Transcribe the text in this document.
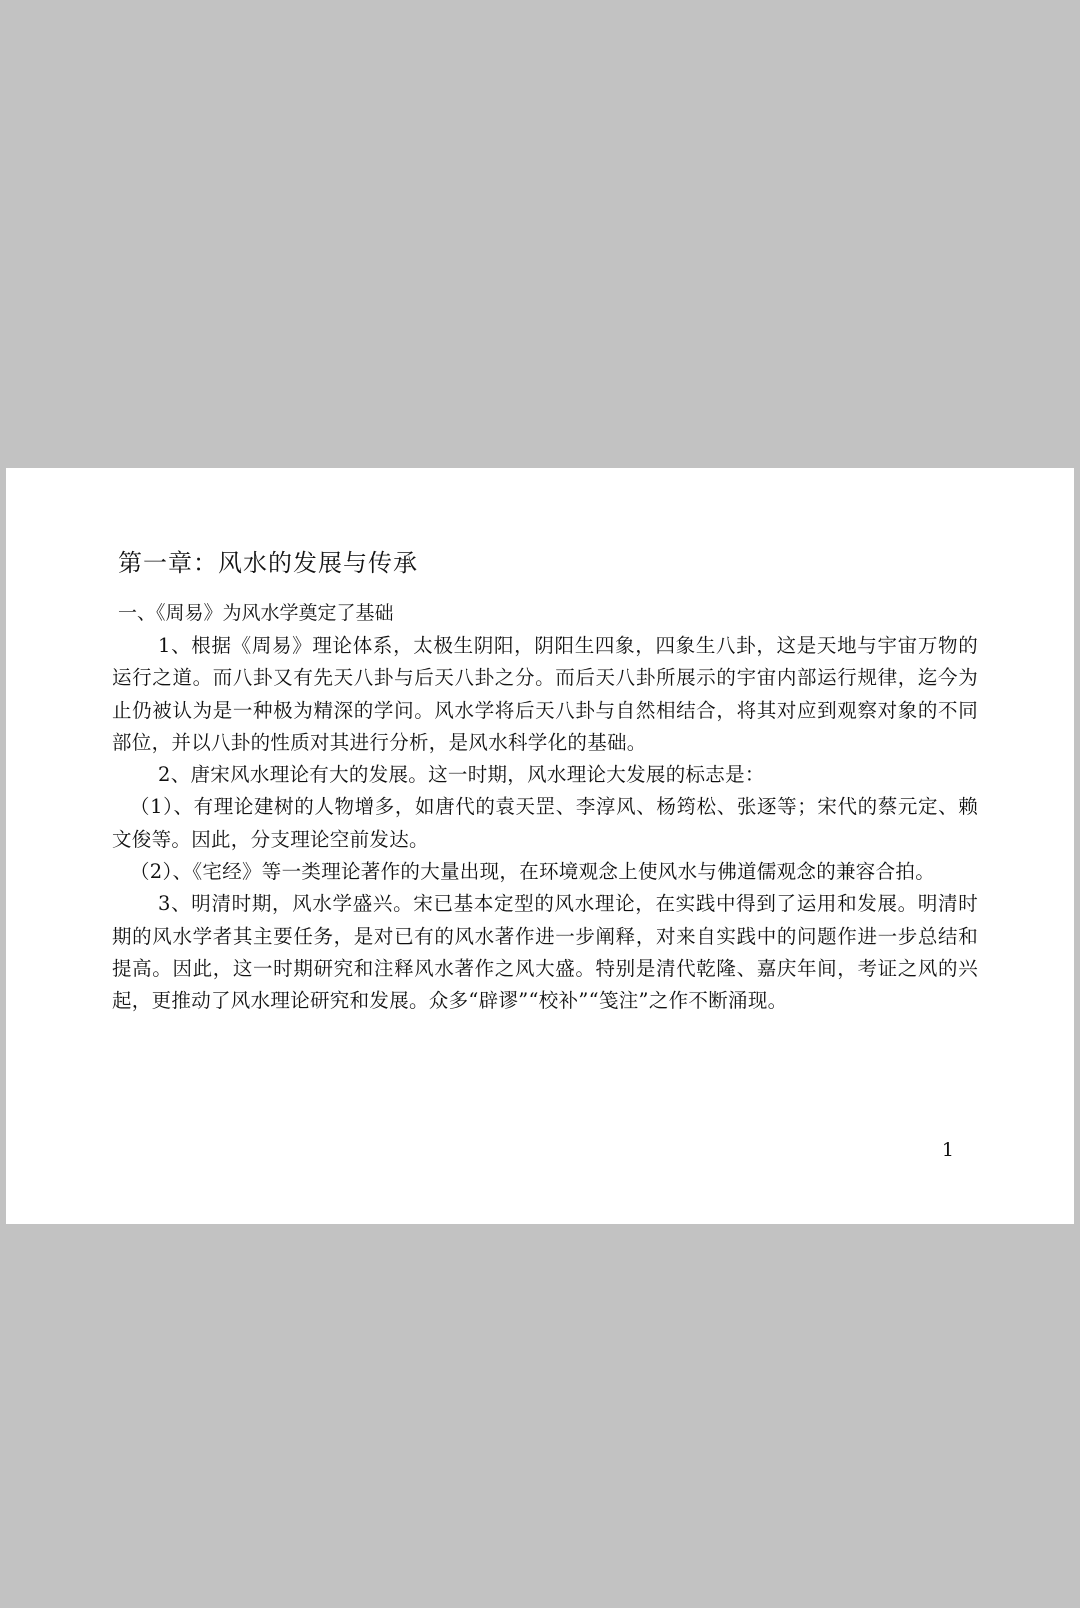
第一章：风水的发展与传承
一、《周易》为风水学奠定了基础

1、根据《周易》理论体系，太极生阴阳，阴阳生四象，四象生八卦，这是天地与宇宙万物的运行之道。而八卦又有先天八卦与后天八卦之分。而后天八卦所展示的宇宙内部运行规律，迄今为止仍被认为是一种极为精深的学问。风水学将后天八卦与自然相结合，将其对应到观察对象的不同部位，并以八卦的性质对其进行分析，是风水科学化的基础。

2、唐宋风水理论有大的发展。这一时期，风水理论大发展的标志是：

（1）、有理论建树的人物增多，如唐代的袁天罡、李淳风、杨筠松、张逐等；宋代的蔡元定、赖文俊等。因此，分支理论空前发达。

（2）、《宅经》等一类理论著作的大量出现，在环境观念上使风水与佛道儒观念的兼容合拍。

3、明清时期，风水学盛兴。宋已基本定型的风水理论，在实践中得到了运用和发展。明清时期的风水学者其主要任务，是对已有的风水著作进一步阐释，对来自实践中的问题作进一步总结和提高。因此，这一时期研究和注释风水著作之风大盛。特别是清代乾隆、嘉庆年间，考证之风的兴起，更推动了风水理论研究和发展。众多“辟谬”“校补”“笺注”之作不断涌现。

1
